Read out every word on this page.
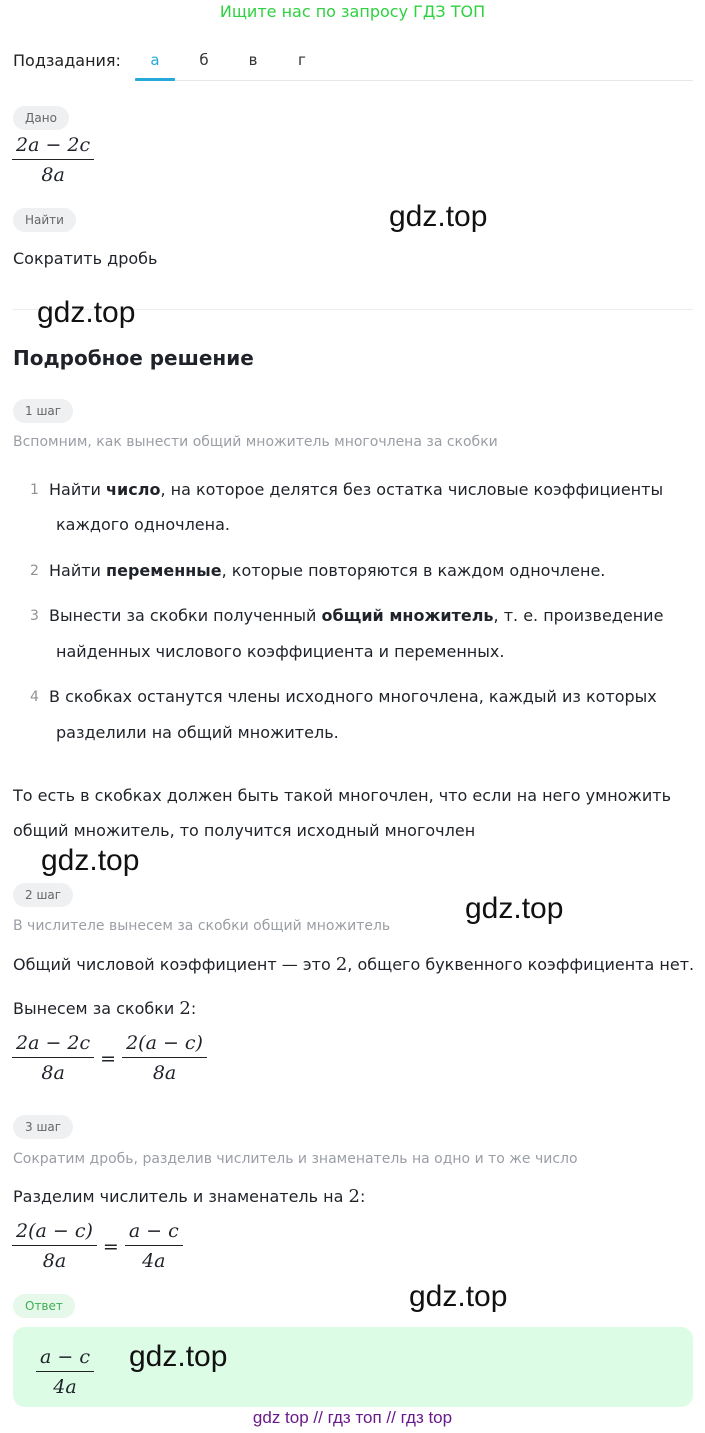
Ищите нас по запросу ГДЗ ТОП
Подзадания:	а	б	в	г
Дано
$\frac{2a - 2c}{8a}$
Найти
Сократить дробь
Подробное решение
1 шаг
Вспомним, как вынести общий множитель многочлена за скобки
1 Найти число, на которое делятся без остатка числовые коэффициенты
каждого одночлена.
2 Найти переменные, которые повторяются в каждом одночлене.
3 Вынести за скобки полученный общий множитель, т. е. произведение
найденных числового коэффициента и переменных.
4 В скобках останутся члены исходного многочлена, каждый из которых
разделили на общий множитель.
То есть в скобках должен быть такой многочлен, что если на него умножить
общий множитель, то получится исходный многочлен
2 шаг
В числителе вынесем за скобки общий множитель
Общий числовой коэффициент — это 2, общего буквенного коэффициента нет.
Вынесем за скобки 2:
$\frac{2a - 2c}{8a} = \frac{2(a - c)}{8a}$
3 шаг
Сократим дробь, разделив числитель и знаменатель на одно и то же число
Разделим числитель и знаменатель на 2:
$\frac{2(a - c)}{8a} = \frac{a - c}{4a}$
Ответ
$\frac{a - c}{4a}$
gdz.top
gdz.top
gdz.top
gdz.top
gdz.top
gdz.top
gdz top // гдз топ // гдз top
